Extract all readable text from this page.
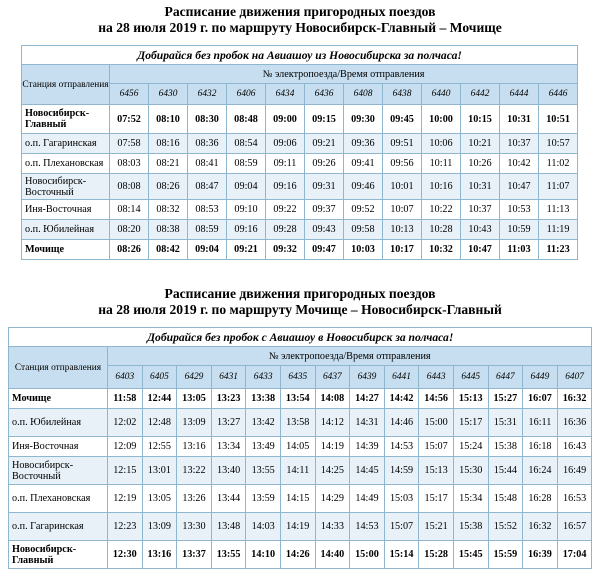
Расписание движения пригородных поездов
на 28 июля 2019 г. по маршруту Новосибирск-Главный – Мочище
Добирайся без пробок на Авиашоу из Новосибирска за полчаса!												
Станция отправления	№ электропоезда/Время отправления											
	6456	6430	6432	6406	6434	6436	6408	6438	6440	6442	6444	6446
Новосибирск-Главный	07:52	08:10	08:30	08:48	09:00	09:15	09:30	09:45	10:00	10:15	10:31	10:51
о.п. Гагаринская	07:58	08:16	08:36	08:54	09:06	09:21	09:36	09:51	10:06	10:21	10:37	10:57
о.п. Плехановская	08:03	08:21	08:41	08:59	09:11	09:26	09:41	09:56	10:11	10:26	10:42	11:02
Новосибирск-Восточный	08:08	08:26	08:47	09:04	09:16	09:31	09:46	10:01	10:16	10:31	10:47	11:07
Иня-Восточная	08:14	08:32	08:53	09:10	09:22	09:37	09:52	10:07	10:22	10:37	10:53	11:13
о.п. Юбилейная	08:20	08:38	08:59	09:16	09:28	09:43	09:58	10:13	10:28	10:43	10:59	11:19
Мочище	08:26	08:42	09:04	09:21	09:32	09:47	10:03	10:17	10:32	10:47	11:03	11:23
Расписание движения пригородных поездов
на 28 июля 2019 г. по маршруту Мочище – Новосибирск-Главный
Добирайся без пробок с Авиашоу в Новосибирск за полчаса!														
Станция отправления	№ электропоезда/Время отправления													
	6403	6405	6429	6431	6433	6435	6437	6439	6441	6443	6445	6447	6449	6407
Мочище	11:58	12:44	13:05	13:23	13:38	13:54	14:08	14:27	14:42	14:56	15:13	15:27	16:07	16:32
о.п. Юбилейная	12:02	12:48	13:09	13:27	13:42	13:58	14:12	14:31	14:46	15:00	15:17	15:31	16:11	16:36
Иня-Восточная	12:09	12:55	13:16	13:34	13:49	14:05	14:19	14:39	14:53	15:07	15:24	15:38	16:18	16:43
Новосибирск-Восточный	12:15	13:01	13:22	13:40	13:55	14:11	14:25	14:45	14:59	15:13	15:30	15:44	16:24	16:49
о.п. Плехановская	12:19	13:05	13:26	13:44	13:59	14:15	14:29	14:49	15:03	15:17	15:34	15:48	16:28	16:53
о.п. Гагаринская	12:23	13:09	13:30	13:48	14:03	14:19	14:33	14:53	15:07	15:21	15:38	15:52	16:32	16:57
Новосибирск-Главный	12:30	13:16	13:37	13:55	14:10	14:26	14:40	15:00	15:14	15:28	15:45	15:59	16:39	17:04
